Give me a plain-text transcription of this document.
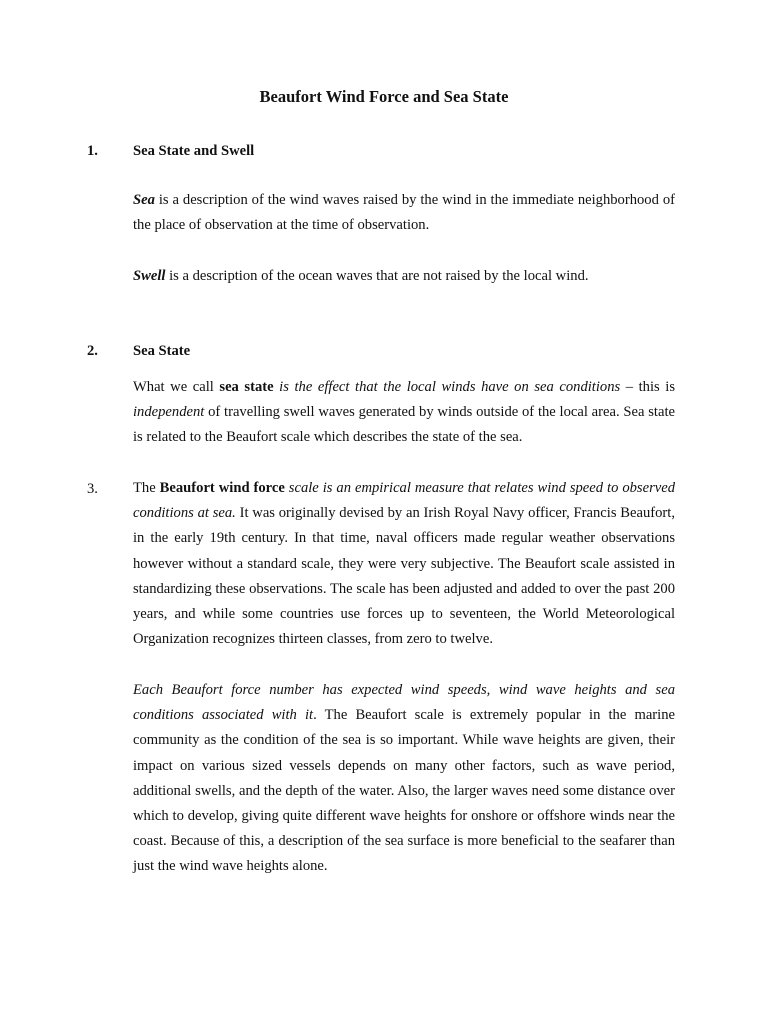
Beaufort Wind Force and Sea State
1.	Sea State and Swell

Sea is a description of the wind waves raised by the wind in the immediate neighborhood of the place of observation at the time of observation.

Swell is a description of the ocean waves that are not raised by the local wind.

2.	Sea State

What we call sea state is the effect that the local winds have on sea conditions – this is independent of travelling swell waves generated by winds outside of the local area. Sea state is related to the Beaufort scale which describes the state of the sea.

3.	The Beaufort wind force scale is an empirical measure that relates wind speed to observed conditions at sea. It was originally devised by an Irish Royal Navy officer, Francis Beaufort, in the early 19th century. In that time, naval officers made regular weather observations however without a standard scale, they were very subjective. The Beaufort scale assisted in standardizing these observations. The scale has been adjusted and added to over the past 200 years, and while some countries use forces up to seventeen, the World Meteorological Organization recognizes thirteen classes, from zero to twelve.

Each Beaufort force number has expected wind speeds, wind wave heights and sea conditions associated with it. The Beaufort scale is extremely popular in the marine community as the condition of the sea is so important. While wave heights are given, their impact on various sized vessels depends on many other factors, such as wave period, additional swells, and the depth of the water. Also, the larger waves need some distance over which to develop, giving quite different wave heights for onshore or offshore winds near the coast. Because of this, a description of the sea surface is more beneficial to the seafarer than just the wind wave heights alone.
